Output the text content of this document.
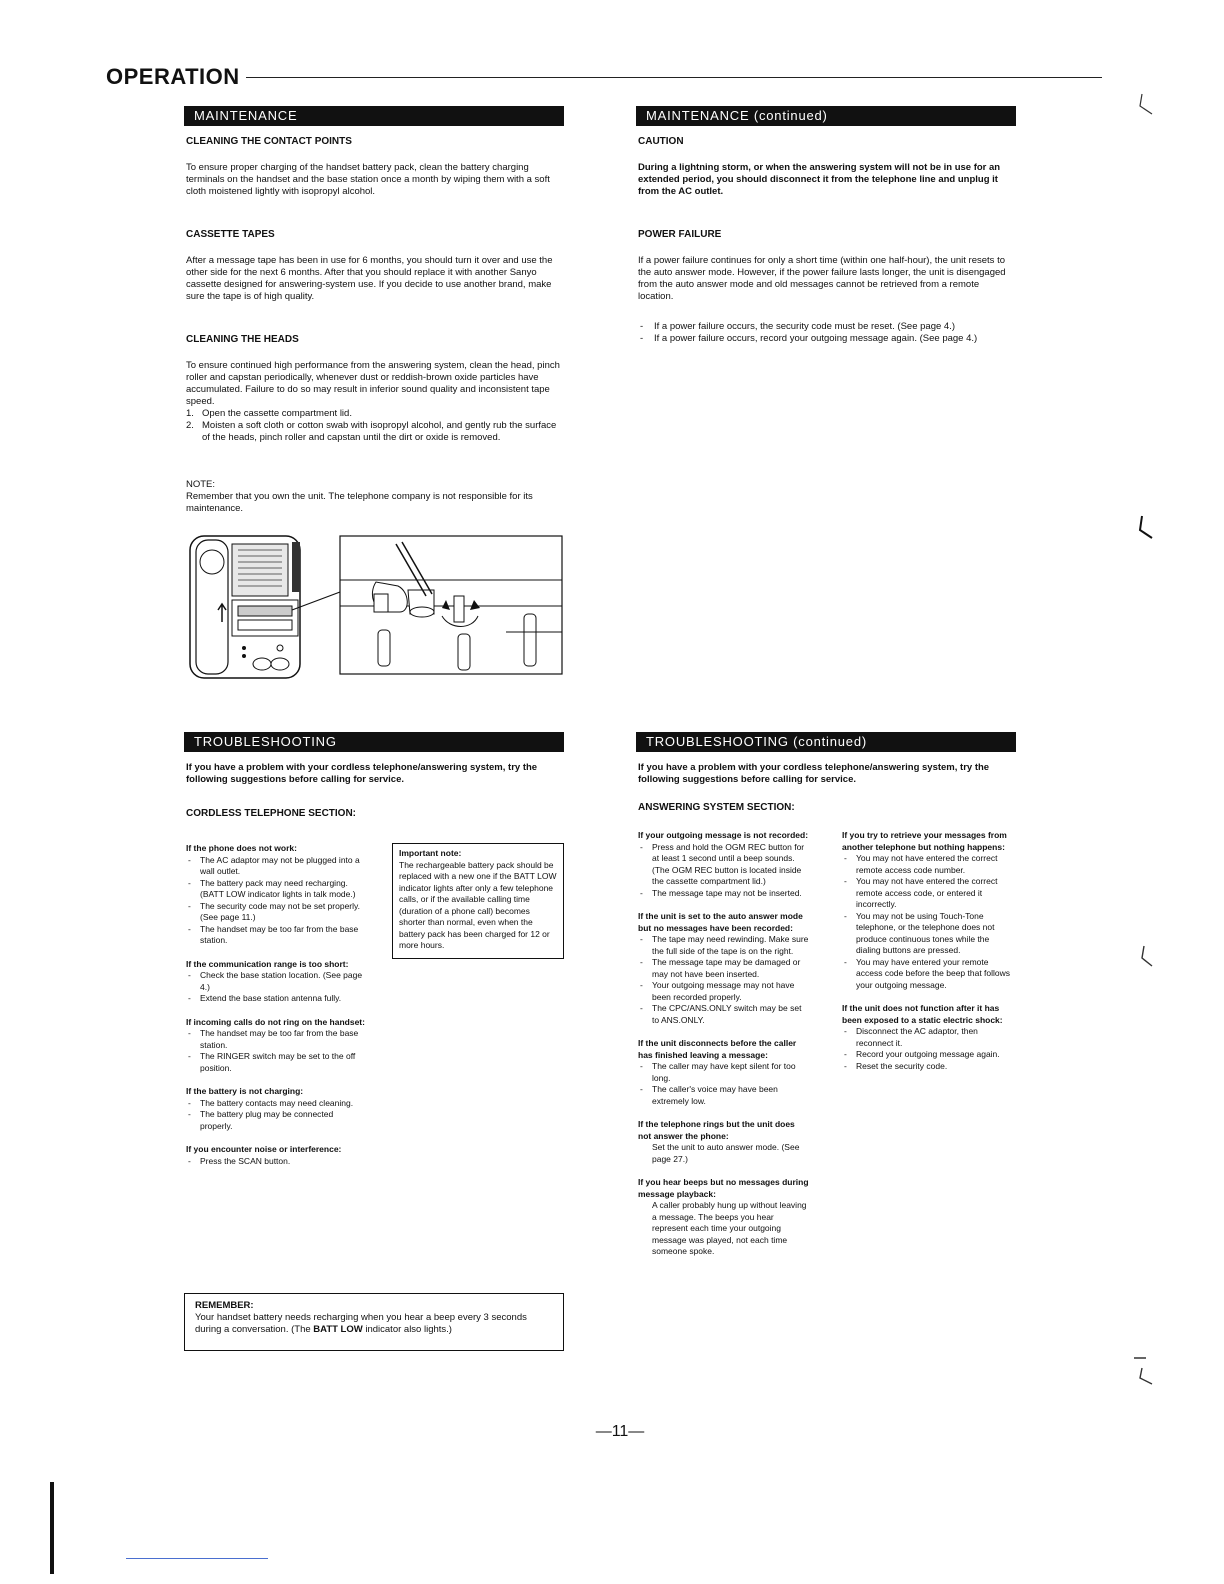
OPERATION
MAINTENANCE
CLEANING THE CONTACT POINTS

To ensure proper charging of the handset battery pack, clean the battery charging terminals on the handset and the base station once a month by wiping them with a soft cloth moistened lightly with isopropyl alcohol.

CASSETTE TAPES

After a message tape has been in use for 6 months, you should turn it over and use the other side for the next 6 months. After that you should replace it with another Sanyo cassette designed for answering-system use. If you decide to use another brand, make sure the tape is of high quality.

CLEANING THE HEADS

To ensure continued high performance from the answering system, clean the head, pinch roller and capstan periodically, whenever dust or reddish-brown oxide particles have accumulated. Failure to do so may result in inferior sound quality and inconsistent tape speed.

1. Open the cassette compartment lid.
2. Moisten a soft cloth or cotton swab with isopropyl alcohol, and gently rub the surface of the heads, pinch roller and capstan until the dirt or oxide is removed.
NOTE:

Remember that you own the unit. The telephone company is not responsible for its maintenance.

MAINTENANCE (continued)
CAUTION

During a lightning storm, or when the answering system will not be in use for an extended period, you should disconnect it from the telephone line and unplug it from the AC outlet.

POWER FAILURE

If a power failure continues for only a short time (within one half-hour), the unit resets to the auto answer mode. However, if the power failure lasts longer, the unit is disengaged from the auto answer mode and old messages cannot be retrieved from a remote location.

- If a power failure occurs, the security code must be reset. (See page 4.)
- If a power failure occurs, record your outgoing message again. (See page 4.)
TROUBLESHOOTING

If you have a problem with your cordless telephone/answering system, try the following suggestions before calling for service.

CORDLESS TELEPHONE SECTION:
If the phone does not work:
- The AC adaptor may not be plugged into a wall outlet.
- The battery pack may need recharging. (BATT LOW indicator lights in talk mode.)
- The security code may not be set properly. (See page 11.)
- The handset may be too far from the base station.
If the communication range is too short:
- Check the base station location. (See page 4.)
- Extend the base station antenna fully.
If incoming calls do not ring on the handset:
- The handset may be too far from the base station.
- The RINGER switch may be set to the off position.
If the battery is not charging:
- The battery contacts may need cleaning.
- The battery plug may be connected properly.
If you encounter noise or interference:
- Press the SCAN button.
Important note:

The rechargeable battery pack should be replaced with a new one if the BATT LOW indicator lights after only a few telephone calls, or if the available calling time (duration of a phone call) becomes shorter than normal, even when the battery pack has been charged for 12 or more hours.

REMEMBER:

Your handset battery needs recharging when you hear a beep every 3 seconds during a conversation. (The BATT LOW indicator also lights.)

TROUBLESHOOTING (continued)

If you have a problem with your cordless telephone/answering system, try the following suggestions before calling for service.

ANSWERING SYSTEM SECTION:
If your outgoing message is not recorded:
- Press and hold the OGM REC button for at least 1 second until a beep sounds. (The OGM REC button is located inside the cassette compartment lid.)
- The message tape may not be inserted.
If the unit is set to the auto answer mode but no messages have been recorded:
- The tape may need rewinding. Make sure the full side of the tape is on the right.
- The message tape may be damaged or may not have been inserted.
- Your outgoing message may not have been recorded properly.
- The CPC/ANS.ONLY switch may be set to ANS.ONLY.
If the unit disconnects before the caller has finished leaving a message:
- The caller may have kept silent for too long.
- The caller's voice may have been extremely low.
If the telephone rings but the unit does not answer the phone:
Set the unit to auto answer mode. (See page 27.)
If you hear beeps but no messages during message playback:
A caller probably hung up without leaving a message. The beeps you hear represent each time your outgoing message was played, not each time someone spoke.
If you try to retrieve your messages from another telephone but nothing happens:
- You may not have entered the correct remote access code number.
- You may not have entered the correct remote access code, or entered it incorrectly.
- You may not be using Touch-Tone telephone, or the telephone does not produce continuous tones while the dialing buttons are pressed.
- You may have entered your remote access code before the beep that follows your outgoing message.
If the unit does not function after it has been exposed to a static electric shock:
- Disconnect the AC adaptor, then reconnect it.
- Record your outgoing message again.
- Reset the security code.
—11—
